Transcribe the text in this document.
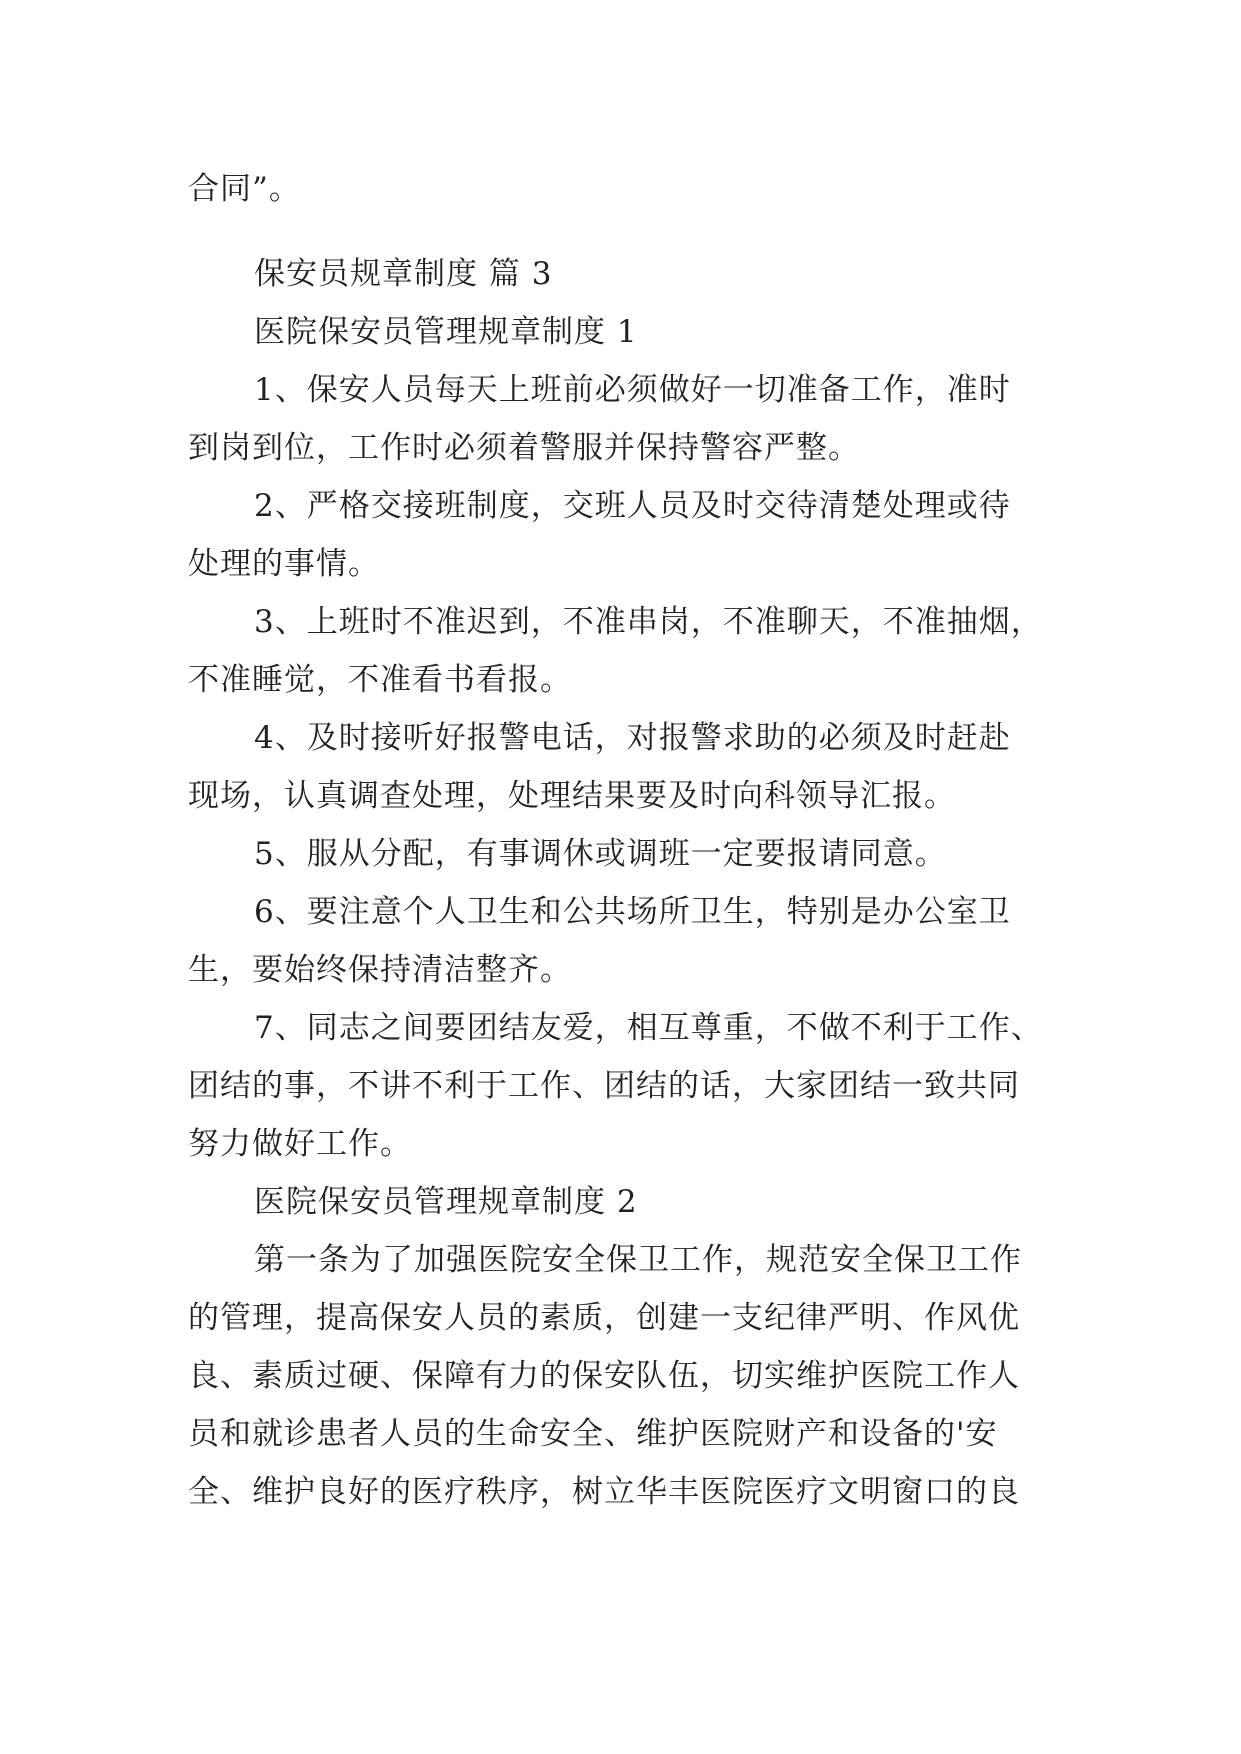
合同”。
保安员规章制度 篇 3
医院保安员管理规章制度 1
1、保安人员每天上班前必须做好一切准备工作，准时
到岗到位，工作时必须着警服并保持警容严整。
2、严格交接班制度，交班人员及时交待清楚处理或待
处理的事情。
3、上班时不准迟到，不准串岗，不准聊天，不准抽烟，
不准睡觉，不准看书看报。
4、及时接听好报警电话，对报警求助的必须及时赶赴
现场，认真调查处理，处理结果要及时向科领导汇报。
5、服从分配，有事调休或调班一定要报请同意。
6、要注意个人卫生和公共场所卫生，特别是办公室卫
生，要始终保持清洁整齐。
7、同志之间要团结友爱，相互尊重，不做不利于工作、
团结的事，不讲不利于工作、团结的话，大家团结一致共同
努力做好工作。
医院保安员管理规章制度 2
第一条为了加强医院安全保卫工作，规范安全保卫工作
的管理，提高保安人员的素质，创建一支纪律严明、作风优
良、素质过硬、保障有力的保安队伍，切实维护医院工作人
员和就诊患者人员的生命安全、维护医院财产和设备的'安
全、维护良好的医疗秩序，树立华丰医院医疗文明窗口的良
